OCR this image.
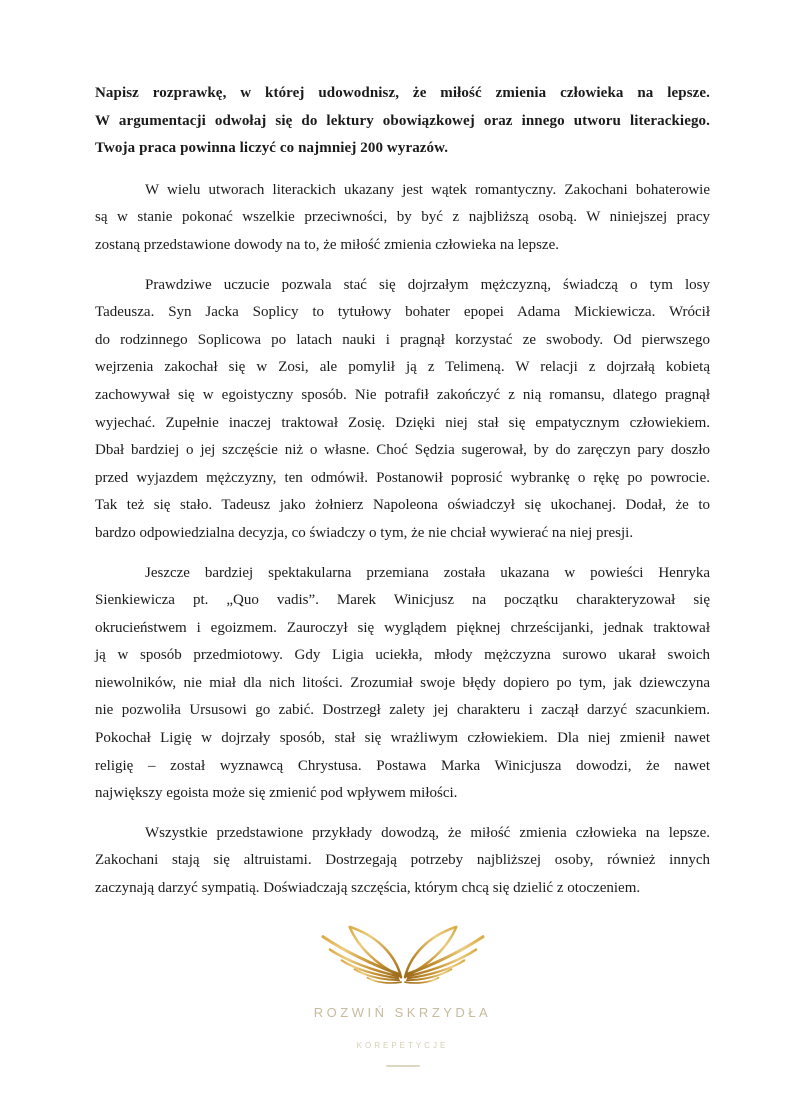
Napisz rozprawkę, w której udowodnisz, że miłość zmienia człowieka na lepsze.
W argumentacji odwołaj się do lektury obowiązkowej oraz innego utworu literackiego.
Twoja praca powinna liczyć co najmniej 200 wyrazów.
W wielu utworach literackich ukazany jest wątek romantyczny. Zakochani bohaterowie
są w stanie pokonać wszelkie przeciwności, by być z najbliższą osobą. W niniejszej pracy
zostaną przedstawione dowody na to, że miłość zmienia człowieka na lepsze.
Prawdziwe uczucie pozwala stać się dojrzałym mężczyzną, świadczą o tym losy
Tadeusza. Syn Jacka Soplicy to tytułowy bohater epopei Adama Mickiewicza. Wrócił
do rodzinnego Soplicowa po latach nauki i pragnął korzystać ze swobody. Od pierwszego
wejrzenia zakochał się w Zosi, ale pomylił ją z Telimeną. W relacji z dojrzałą kobietą
zachowywał się w egoistyczny sposób. Nie potrafił zakończyć z nią romansu, dlatego pragnął
wyjechać. Zupełnie inaczej traktował Zosię. Dzięki niej stał się empatycznym człowiekiem.
Dbał bardziej o jej szczęście niż o własne. Choć Sędzia sugerował, by do zaręczyn pary doszło
przed wyjazdem mężczyzny, ten odmówił. Postanowił poprosić wybrankę o rękę po powrocie.
Tak też się stało. Tadeusz jako żołnierz Napoleona oświadczył się ukochanej. Dodał, że to
bardzo odpowiedzialna decyzja, co świadczy o tym, że nie chciał wywierać na niej presji.
Jeszcze bardziej spektakularna przemiana została ukazana w powieści Henryka
Sienkiewicza pt. „Quo vadis”. Marek Winicjusz na początku charakteryzował się
okrucieństwem i egoizmem. Zauroczył się wyglądem pięknej chrześcijanki, jednak traktował
ją w sposób przedmiotowy. Gdy Ligia uciekła, młody mężczyzna surowo ukarał swoich
niewolników, nie miał dla nich litości. Zrozumiał swoje błędy dopiero po tym, jak dziewczyna
nie pozwoliła Ursusowi go zabić. Dostrzegł zalety jej charakteru i zaczął darzyć szacunkiem.
Pokochał Ligię w dojrzały sposób, stał się wrażliwym człowiekiem. Dla niej zmienił nawet
religię – został wyznawcą Chrystusa. Postawa Marka Winicjusza dowodzi, że nawet
największy egoista może się zmienić pod wpływem miłości.
Wszystkie przedstawione przykłady dowodzą, że miłość zmienia człowieka na lepsze.
Zakochani stają się altruistami. Dostrzegają potrzeby najbliższej osoby, również innych
zaczynają darzyć sympatią. Doświadczają szczęścia, którym chcą się dzielić z otoczeniem.
ROZWIŃ SKRZYDŁA
KOREPETYCJE
